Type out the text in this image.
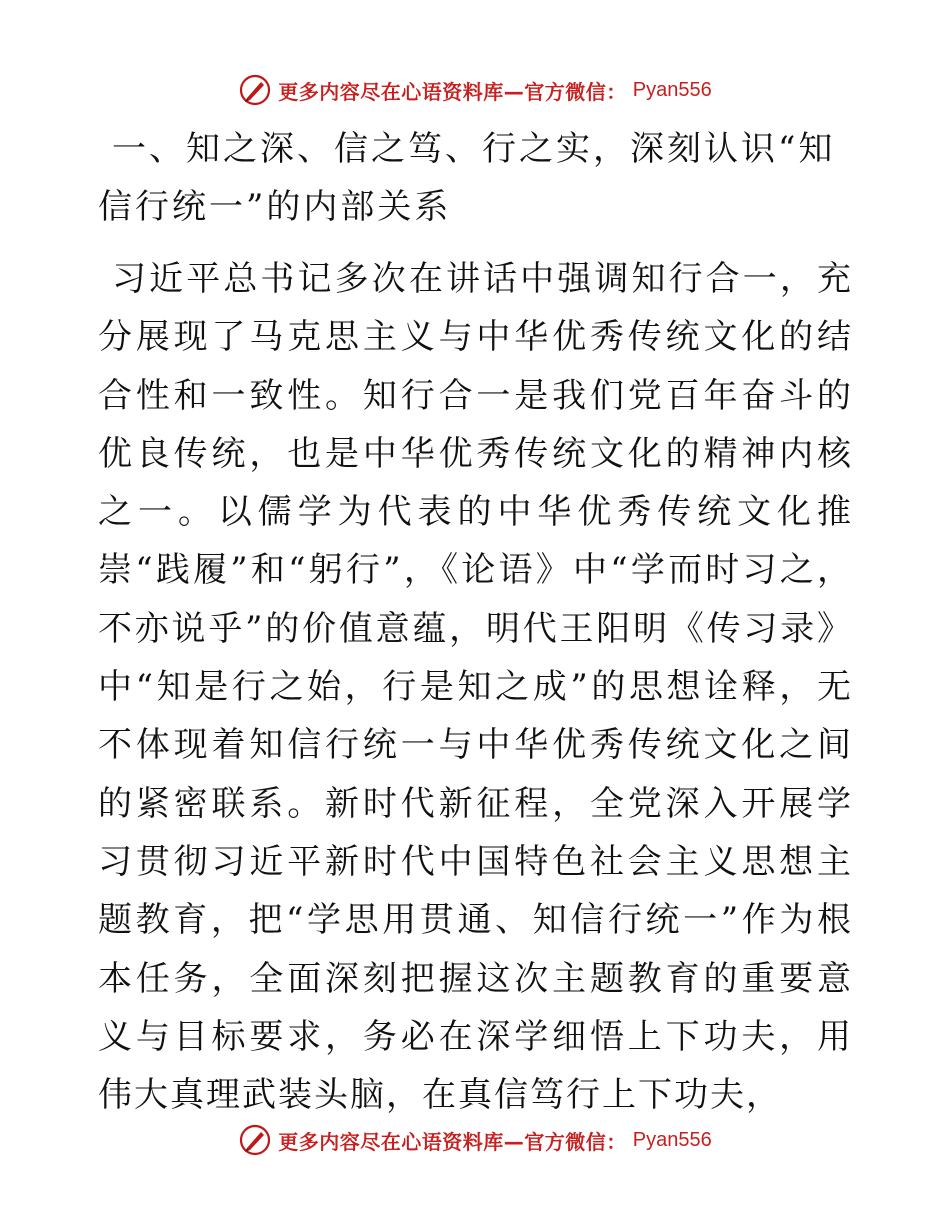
更多内容尽在心语资料库—官方微信： Pyan556
一、知之深、信之笃、行之实，深刻认识“知信行统一”的内部关系

习近平总书记多次在讲话中强调知行合一，充分展现了马克思主义与中华优秀传统文化的结合性和一致性。知行合一是我们党百年奋斗的优良传统，也是中华优秀传统文化的精神内核之一。以儒学为代表的中华优秀传统文化推崇“践履”和“躬行”，《论语》中“学而时习之，不亦说乎”的价值意蕴，明代王阳明《传习录》中“知是行之始，行是知之成”的思想诠释，无不体现着知信行统一与中华优秀传统文化之间的紧密联系。新时代新征程，全党深入开展学习贯彻习近平新时代中国特色社会主义思想主题教育，把“学思用贯通、知信行统一”作为根本任务，全面深刻把握这次主题教育的重要意义与目标要求，务必在深学细悟上下功夫，用伟大真理武装头脑，在真信笃行上下功夫，

更多内容尽在心语资料库—官方微信： Pyan556
